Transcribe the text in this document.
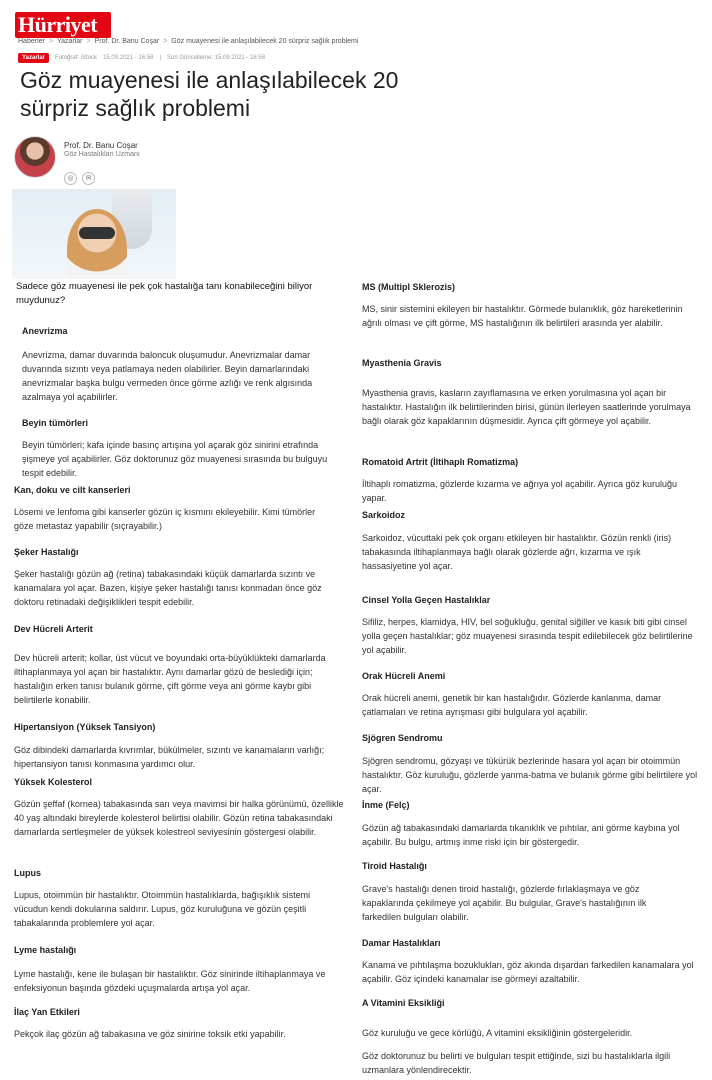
Hürriyet
Haberler > Yazarlar > Prof. Dr. Banu Coşar > Göz muayenesi ile anlaşılabilecek 20 sürpriz sağlık problemi
Yazarlar	Fotoğraf: iStock 15.09.2021 - 16:58 | Son Güncelleme: 15.09.2021 - 16:58
Göz muayenesi ile anlaşılabilecek 20 sürpriz sağlık problemi
Prof. Dr. Banu Coşar
Göz Hastalıkları Uzmanı
◎	✉

Sadece göz muayenesi ile pek çok hastalığa tanı konabileceğini biliyor muydunuz?

Anevrizma

Anevrizma, damar duvarında baloncuk oluşumudur. Anevrizmalar damar duvarında sızıntı veya patlamaya neden olabilirler. Beyin damarlarındaki anevrizmalar başka bulgu vermeden önce görme azlığı ve renk algısında azalmaya yol açabilirler.

Beyin tümörleri

Beyin tümörleri; kafa içinde basınç artışına yol açarak göz sinirini etrafında şişmeye yol açabilirler. Göz doktorunuz göz muayenesi sırasında bu bulguyu tespit edebilir.

Kan, doku ve cilt kanserleri

Lösemi ve lenfoma gibi kanserler gözün iç kısmını ekileyebilir. Kimi tümörler göze metastaz yapabilir (sıçrayabilir.)

Şeker Hastalığı

Şeker hastalığı gözün ağ (retina) tabakasındaki küçük damarlarda sızıntı ve kanamalara yol açar. Bazen, kişiye şeker hastalığı tanısı konmadan önce göz doktoru retinadaki değişiklikleri tespit edebilir.

Dev Hücreli Arterit

Dev hücreli arterit; kollar, üst vücut ve boyundaki orta-büyüklükteki damarlarda iltihaplanmaya yol açan bir hastalıktır. Aynı damarlar gözü de beslediği için; hastalığın erken tanısı bulanık görme, çift görme veya ani görme kaybı gibi belirtilerle konabilir.

Hipertansiyon (Yüksek Tansiyon)

Göz dibindeki damarlarda kıvrımlar, bükülmeler, sızıntı ve kanamaların varlığı; hipertansiyon tanısı konmasına yardımcı olur.

Yüksek Kolesterol

Gözün şeffaf (kornea) tabakasında sarı veya mavimsi bir halka görünümü, özellikle 40 yaş altındaki bireylerde kolesterol belirtisi olabilir. Gözün retina tabakasındaki damarlarda sertleşmeler de yüksek kolestreol seviyesinin göstergesi olabilir.

Lupus

Lupus, otoimmün bir hastalıktır. Otoimmün hastalıklarda, bağışıklık sistemi vücudun kendi dokularına saldırır. Lupus, göz kuruluğuna ve gözün çeşitli tabakalarında problemlere yol açar.

Lyme hastalığı

Lyme hastalığı, kene ile bulaşan bir hastalıktır. Göz sinirinde iltihaplanmaya ve enfeksiyonun başında gözdeki uçuşmalarda artışa yol açar.

İlaç Yan Etkileri

Pekçok ilaç gözün ağ tabakasına ve göz sinirine toksik etki yapabilir.

MS (Multipl Sklerozis)

MS, sinir sistemini ekileyen bir hastalıktır. Görmede bulanıklık, göz hareketlerinin ağrılı olması ve çift görme, MS hastalığının ilk belirtileri arasında yer alabilir.

Myasthenia Gravis

Myasthenia gravis, kasların zayıflamasına ve erken yorulmasına yol açan bir hastalıktır. Hastalığın ilk belirtilerinden birisi, günün ilerleyen saatlerinde yorulmaya bağlı olarak göz kapaklarının düşmesidir. Ayrıca çift görmeye yol açabilir.

Romatoid Artrit (İltihaplı Romatizma)

İltihaplı romatizma, gözlerde kızarma ve ağrıya yol açabilir. Ayrıca göz kuruluğu yapar.

Sarkoidoz

Sarkoidoz, vücuttaki pek çok organı etkileyen bir hastalıktır. Gözün renkli (iris) tabakasında iltihaplanmaya bağlı olarak gözlerde ağrı, kızarma ve ışık hassasiyetine yol açar.

Cinsel Yolla Geçen Hastalıklar

Sifiliz, herpes, klamidya, HIV, bel soğukluğu, genital siğiller ve kasık biti gibi cinsel yolla geçen hastalıklar; göz muayenesi sırasında tespit edilebilecek göz belirtilerine yol açabilir.

Orak Hücreli Anemi

Orak hücreli anemi, genetik bir kan hastalığıdır. Gözlerde kanlanma, damar çatlamaları ve retina ayrışması gibi bulgulara yol açabilir.

Sjögren Sendromu

Sjögren sendromu, gözyaşı ve tükürük bezlerinde hasara yol açan bir otoimmün hastalıktır. Göz kuruluğu, gözlerde yanma-batma ve bulanık görme gibi belirtilere yol açar.

İnme (Felç)

Gözün ağ tabakasındaki damarlarda tıkanıklık ve pıhtılar, ani görme kaybına yol açabilir. Bu bulgu, artmış inme riski için bir göstergedir.

Tiroid Hastalığı

Grave's hastalığı denen tiroid hastalığı, gözlerde fırlaklaşmaya ve göz kapaklarında çekilmeye yol açabilir. Bu bulgular, Grave's hastalığının ilk farkedilen bulguları olabilir.

Damar Hastalıkları

Kanama ve pıhtılaşma bozuklukları, göz akında dışardan farkedilen kanamalara yol açabilir. Göz içindeki kanamalar ise görmeyi azaltabilir.

A Vitamini Eksikliği

Göz kuruluğu ve gece körlüğü, A vitamini eksikliğinin göstergeleridir.

Göz doktorunuz bu belirti ve bulguları tespit ettiğinde, sizi bu hastalıklarla ilgili uzmanlara yönlendirecektir.
